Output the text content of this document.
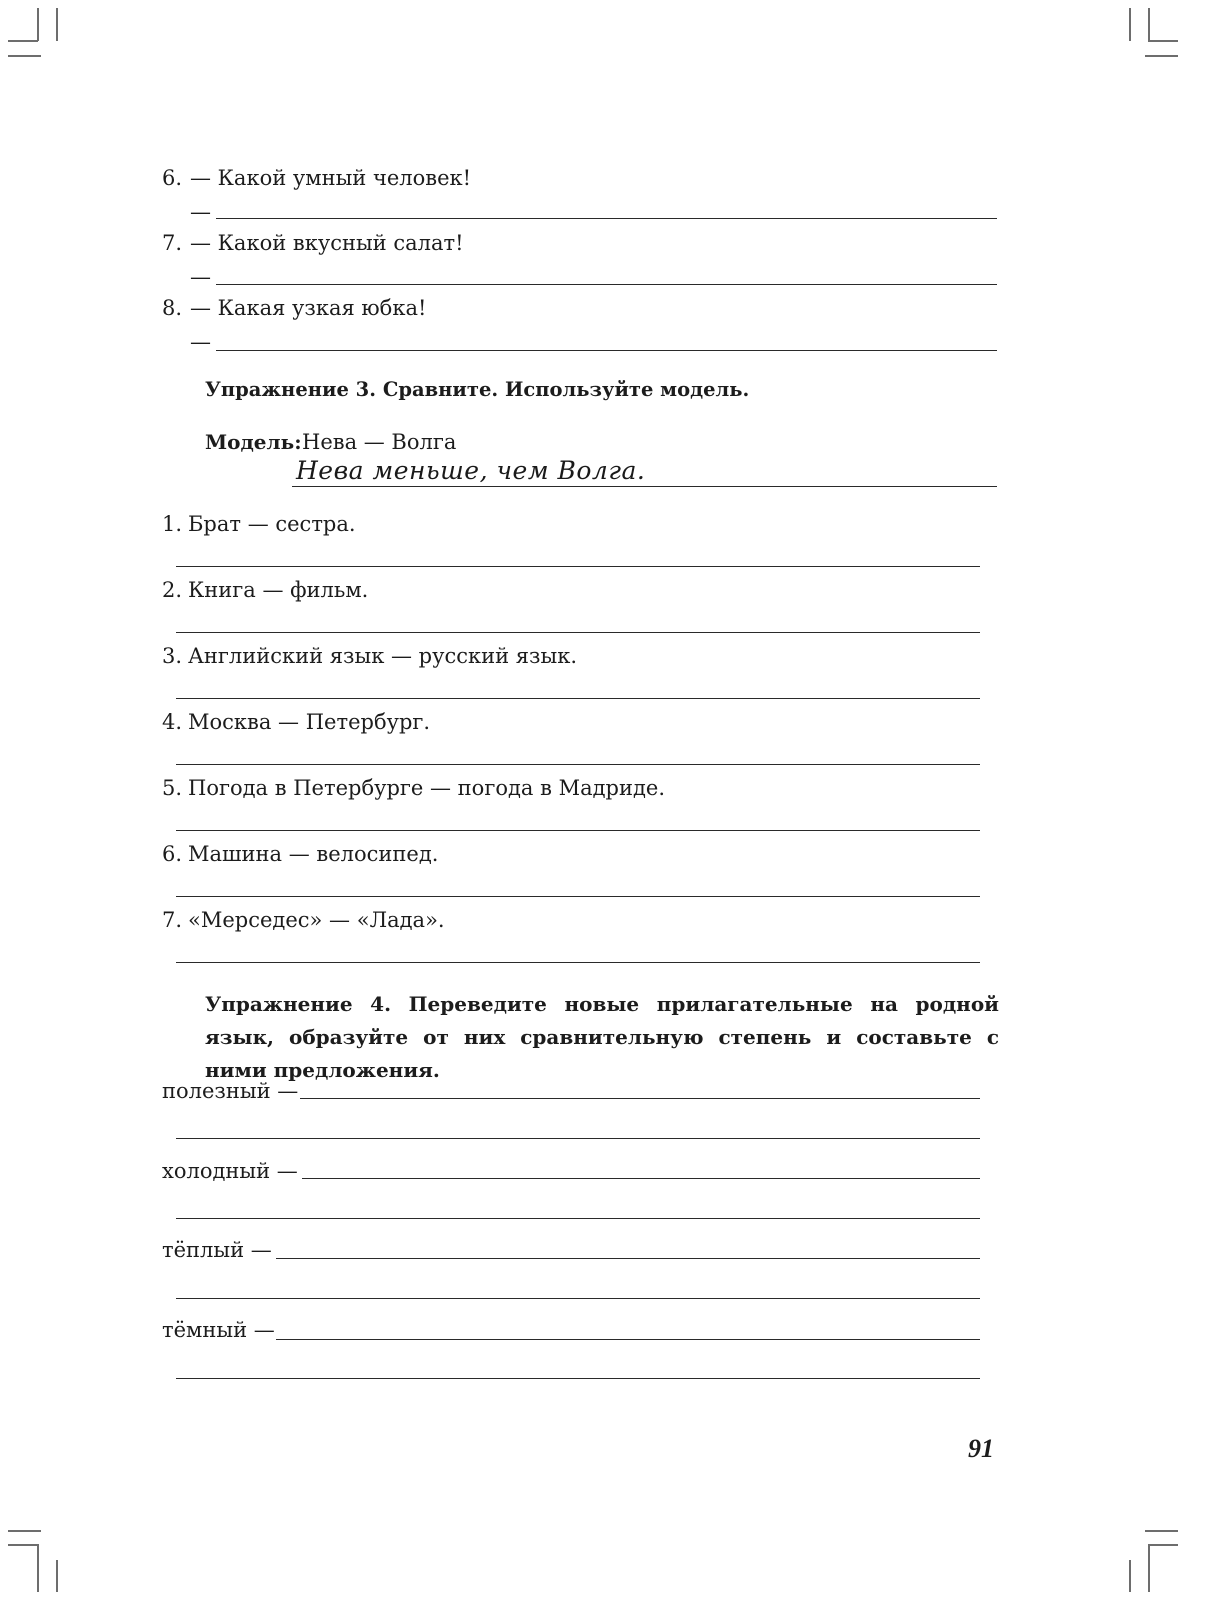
6. — Какой умный человек!
—
7. — Какой вкусный салат!
—
8. — Какая узкая юбка!
—
Упражнение 3. Сравните. Используйте модель.
Модель: Нева — Волга
Нева меньше, чем Волга.
1. Брат — сестра.
2. Книга — фильм.
3. Английский язык — русский язык.
4. Москва — Петербург.
5. Погода в Петербурге — погода в Мадриде.
6. Машина — велосипед.
7. «Мерседес» — «Лада».
Упражнение 4. Переведите новые прилагательные на родной язык, образуйте от них сравнительную степень и составьте с ними предложения.
полезный —
холодный —
тёплый —
тёмный —
91
